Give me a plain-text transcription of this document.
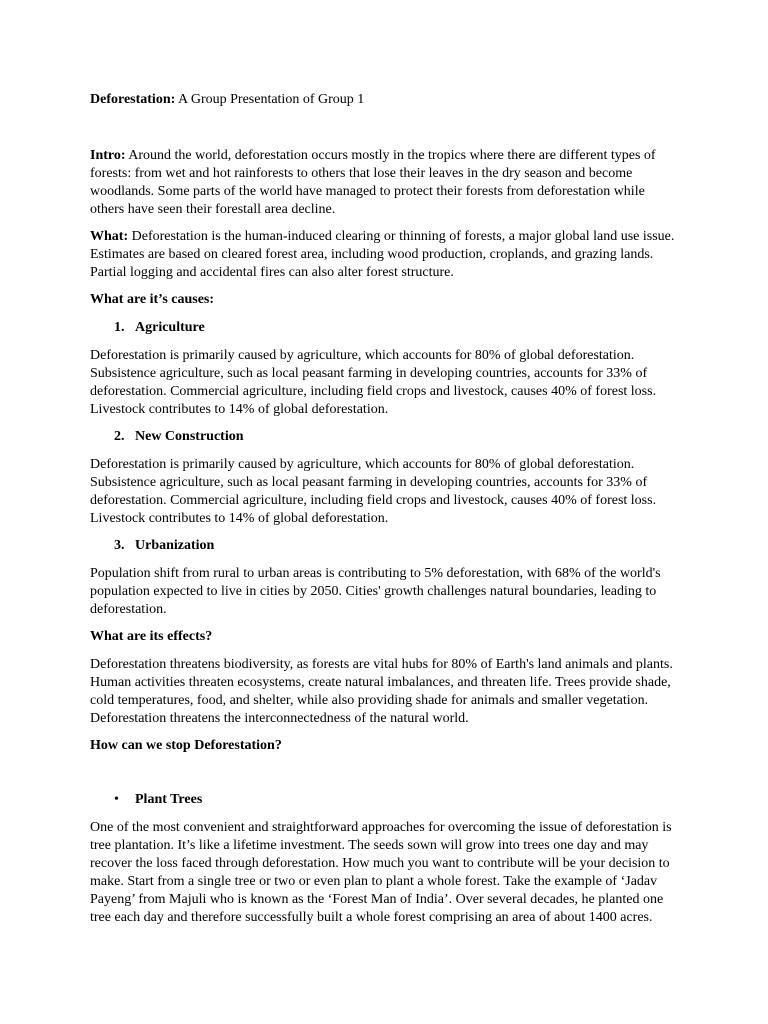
Deforestation: A Group Presentation of Group 1

Intro: Around the world, deforestation occurs mostly in the tropics where there are different types of forests: from wet and hot rainforests to others that lose their leaves in the dry season and become woodlands. Some parts of the world have managed to protect their forests from deforestation while others have seen their forestall area decline.

What: Deforestation is the human-induced clearing or thinning of forests, a major global land use issue. Estimates are based on cleared forest area, including wood production, croplands, and grazing lands. Partial logging and accidental fires can also alter forest structure.

What are it’s causes:

1. Agriculture

Deforestation is primarily caused by agriculture, which accounts for 80% of global deforestation. Subsistence agriculture, such as local peasant farming in developing countries, accounts for 33% of deforestation. Commercial agriculture, including field crops and livestock, causes 40% of forest loss. Livestock contributes to 14% of global deforestation.

2. New Construction

Deforestation is primarily caused by agriculture, which accounts for 80% of global deforestation. Subsistence agriculture, such as local peasant farming in developing countries, accounts for 33% of deforestation. Commercial agriculture, including field crops and livestock, causes 40% of forest loss. Livestock contributes to 14% of global deforestation.

3. Urbanization

Population shift from rural to urban areas is contributing to 5% deforestation, with 68% of the world's population expected to live in cities by 2050. Cities' growth challenges natural boundaries, leading to deforestation.

What are its effects?

Deforestation threatens biodiversity, as forests are vital hubs for 80% of Earth's land animals and plants. Human activities threaten ecosystems, create natural imbalances, and threaten life. Trees provide shade, cold temperatures, food, and shelter, while also providing shade for animals and smaller vegetation. Deforestation threatens the interconnectedness of the natural world.

How can we stop Deforestation?

• Plant Trees

One of the most convenient and straightforward approaches for overcoming the issue of deforestation is tree plantation. It’s like a lifetime investment. The seeds sown will grow into trees one day and may recover the loss faced through deforestation. How much you want to contribute will be your decision to make. Start from a single tree or two or even plan to plant a whole forest. Take the example of ‘Jadav Payeng’ from Majuli who is known as the ‘Forest Man of India’. Over several decades, he planted one tree each day and therefore successfully built a whole forest comprising an area of about 1400 acres.
